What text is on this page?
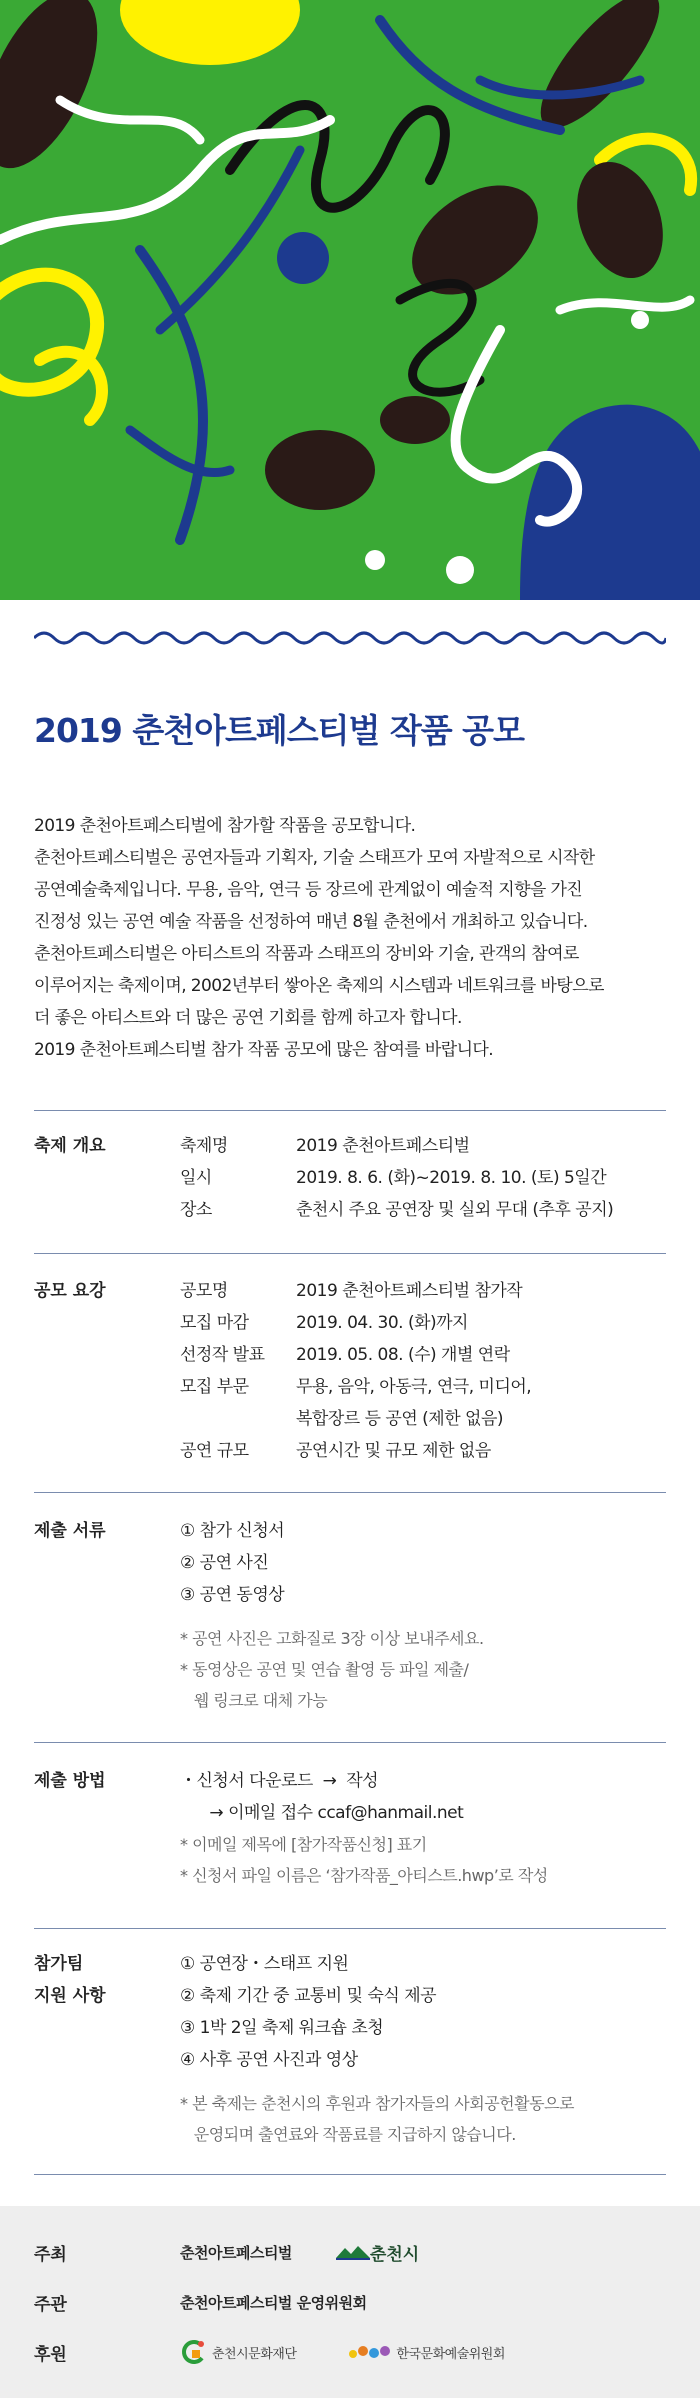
2019 춘천아트페스티벌 작품 공모

2019 춘천아트페스티벌에 참가할 작품을 공모합니다.

춘천아트페스티벌은 공연자들과 기획자, 기술 스태프가 모여 자발적으로 시작한

공연예술축제입니다. 무용, 음악, 연극 등 장르에 관계없이 예술적 지향을 가진

진정성 있는 공연 예술 작품을 선정하여 매년 8월 춘천에서 개최하고 있습니다.

춘천아트페스티벌은 아티스트의 작품과 스태프의 장비와 기술, 관객의 참여로

이루어지는 축제이며, 2002년부터 쌓아온 축제의 시스템과 네트워크를 바탕으로

더 좋은 아티스트와 더 많은 공연 기회를 함께 하고자 합니다.

2019 춘천아트페스티벌 참가 작품 공모에 많은 참여를 바랍니다.

축제 개요	축제명	2019 춘천아트페스티벌
일시	2019. 8. 6. (화)~2019. 8. 10. (토) 5일간
장소	춘천시 주요 공연장 및 실외 무대 (추후 공지)
공모 요강	공모명	2019 춘천아트페스티벌 참가작
모집 마감	2019. 04. 30. (화)까지
선정작 발표	2019. 05. 08. (수) 개별 연락
모집 부문	무용, 음악, 아동극, 연극, 미디어,
복합장르 등 공연 (제한 없음)
공연 규모	공연시간 및 규모 제한 없음
제출 서류	① 참가 신청서
② 공연 사진
③ 공연 동영상
* 공연 사진은 고화질로 3장 이상 보내주세요.
* 동영상은 공연 및 연습 촬영 등 파일 제출/
웹 링크로 대체 가능
제출 방법	・신청서 다운로드  →  작성
→ 이메일 접수 ccaf@hanmail.net
* 이메일 제목에 [참가작품신청] 표기
* 신청서 파일 이름은 ‘참가작품_아티스트.hwp’로 작성
참가팀
지원 사항
① 공연장・스태프 지원
② 축제 기간 중 교통비 및 숙식 제공
③ 1박 2일 축제 워크숍 초청
④ 사후 공연 사진과 영상
* 본 축제는 춘천시의 후원과 참가자들의 사회공헌활동으로
운영되며 출연료와 작품료를 지급하지 않습니다.
주최	춘천아트페스티벌	춘천시
주관	춘천아트페스티벌 운영위원회
후원	춘천시문화재단	한국문화예술위원회
